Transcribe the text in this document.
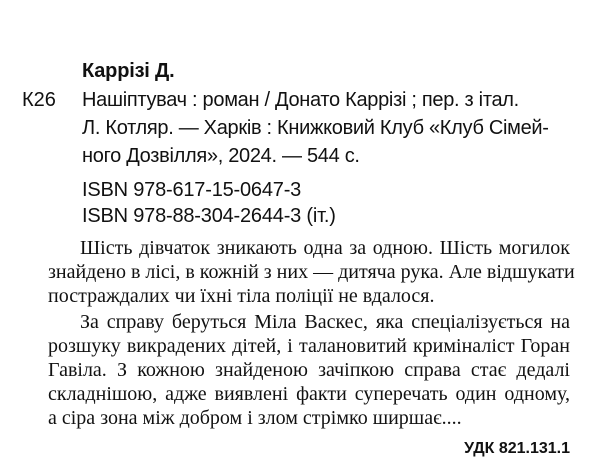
Каррізі Д.
К26 Нашіптувач : роман / Донато Каррізі ; пер. з італ.
Л. Котляр. — Харків : Книжковий Клуб «Клуб Сімей-
ного Дозвілля», 2024. — 544 с.
ISBN 978-617-15-0647-3
ISBN 978-88-304-2644-3 (іт.)
Шість дівчаток зникають одна за одною. Шість могилок
знайдено в лісі, в кожній з них — дитяча рука. Але відшукати
постраждалих чи їхні тіла поліції не вдалося.
За справу беруться Міла Васкес, яка спеціалізується на
розшуку викрадених дітей, і талановитий криміналіст Горан
Гавіла. З кожною знайденою зачіпкою справа стає дедалі
складнішою, адже виявлені факти суперечать один одному,
а сіра зона між добром і злом стрімко ширшає....
УДК 821.131.1
